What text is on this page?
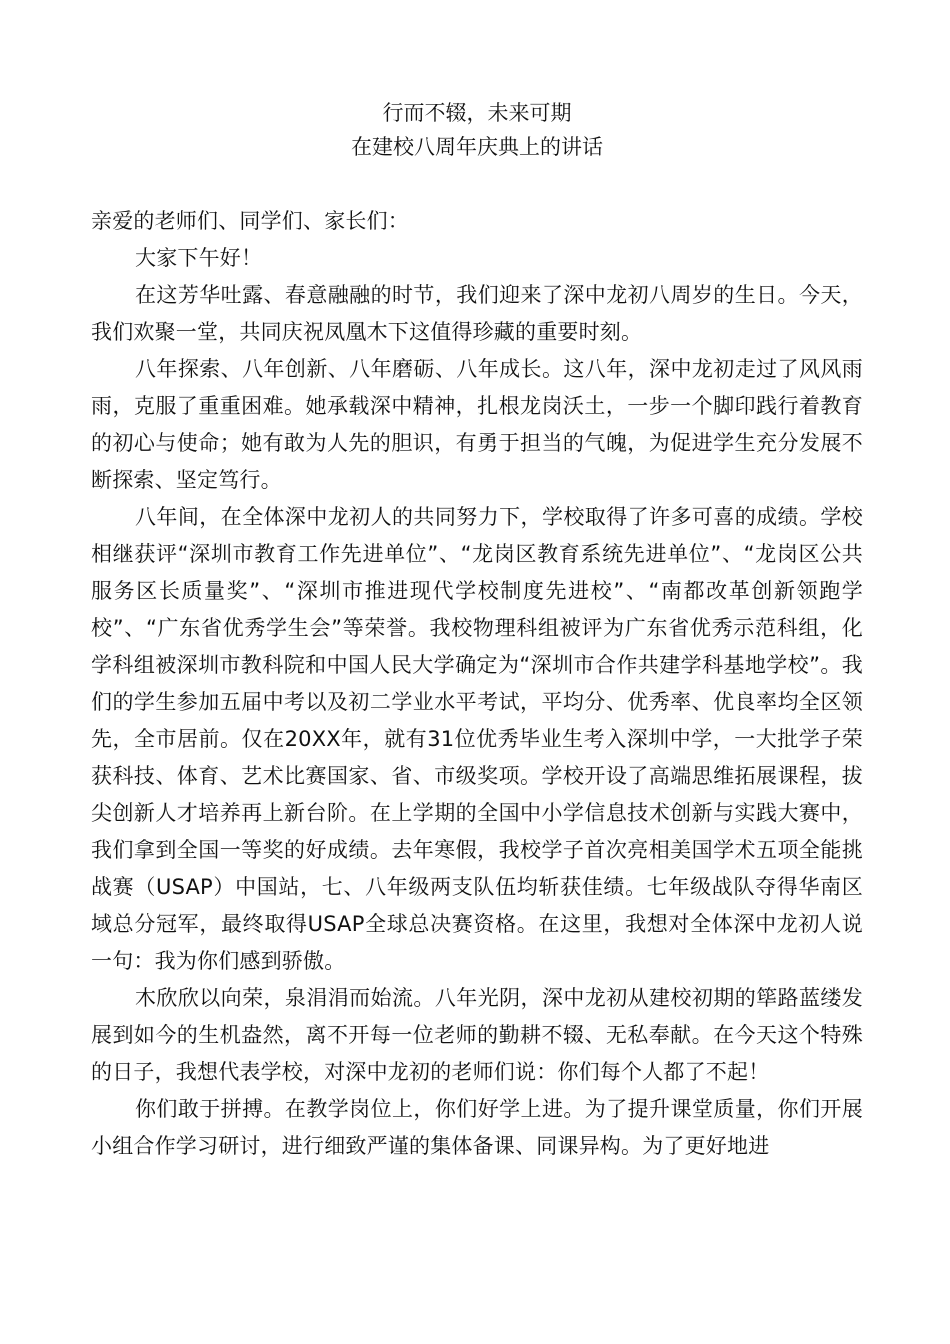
行而不辍，未来可期
在建校八周年庆典上的讲话

亲爱的老师们、同学们、家长们：

大家下午好！

在这芳华吐露、春意融融的时节，我们迎来了深中龙初八周岁的生日。今天，我们欢聚一堂，共同庆祝凤凰木下这值得珍藏的重要时刻。

八年探索、八年创新、八年磨砺、八年成长。这八年，深中龙初走过了风风雨雨，克服了重重困难。她承载深中精神，扎根龙岗沃土，一步一个脚印践行着教育的初心与使命；她有敢为人先的胆识，有勇于担当的气魄，为促进学生充分发展不断探索、坚定笃行。

八年间，在全体深中龙初人的共同努力下，学校取得了许多可喜的成绩。学校相继获评“深圳市教育工作先进单位”、“龙岗区教育系统先进单位”、“龙岗区公共服务区长质量奖”、“深圳市推进现代学校制度先进校”、“南都改革创新领跑学校”、“广东省优秀学生会”等荣誉。我校物理科组被评为广东省优秀示范科组，化学科组被深圳市教科院和中国人民大学确定为“深圳市合作共建学科基地学校”。我们的学生参加五届中考以及初二学业水平考试，平均分、优秀率、优良率均全区领先，全市居前。仅在20XX年，就有31位优秀毕业生考入深圳中学，一大批学子荣获科技、体育、艺术比赛国家、省、市级奖项。学校开设了高端思维拓展课程，拔尖创新人才培养再上新台阶。在上学期的全国中小学信息技术创新与实践大赛中，我们拿到全国一等奖的好成绩。去年寒假，我校学子首次亮相美国学术五项全能挑战赛（USAP）中国站，七、八年级两支队伍均斩获佳绩。七年级战队夺得华南区域总分冠军，最终取得USAP全球总决赛资格。在这里，我想对全体深中龙初人说一句：我为你们感到骄傲。

木欣欣以向荣，泉涓涓而始流。八年光阴，深中龙初从建校初期的筚路蓝缕发展到如今的生机盎然，离不开每一位老师的勤耕不辍、无私奉献。在今天这个特殊的日子，我想代表学校，对深中龙初的老师们说：你们每个人都了不起！

你们敢于拼搏。在教学岗位上，你们好学上进。为了提升课堂质量，你们开展小组合作学习研讨，进行细致严谨的集体备课、同课异构。为了更好地进
